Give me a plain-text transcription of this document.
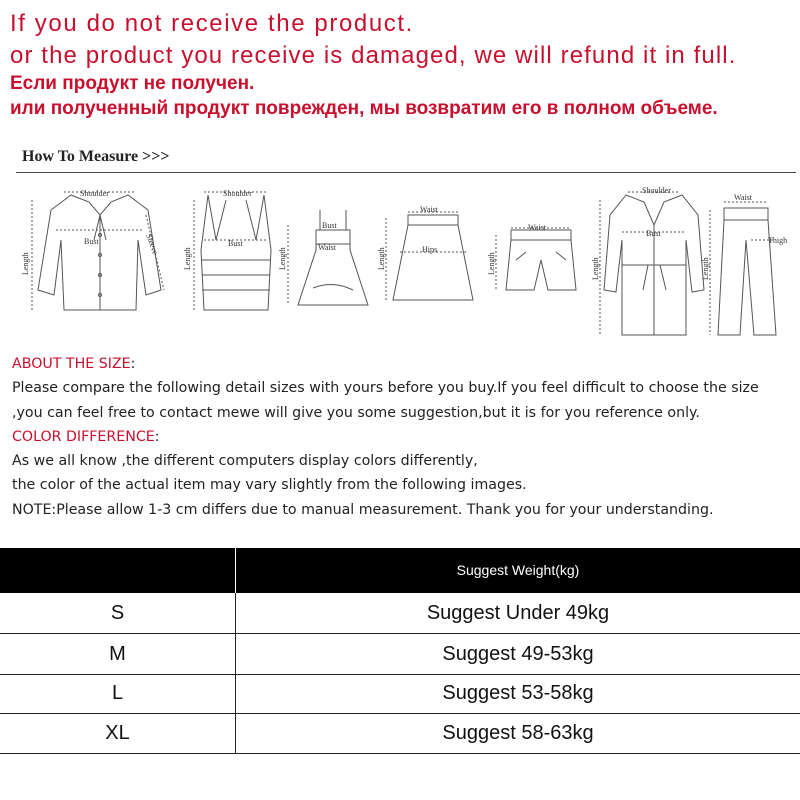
If you do not receive the product.
or the product you receive is damaged, we will refund it in full.
Если продукт не получен.
или полученный продукт поврежден, мы возвратим его в полном объеме.
How To Measure >>>
Shoulder
Bust
Length
Sleeve
Shoulder
Bust
Length
Bust
Waist
Length
Waist
Hips
Length
Waist
Length
Shoulder
Bust
Length
Waist
Thigh
Length
ABOUT THE SIZE:
Please compare the following detail sizes with yours before you buy.If you feel difficult to choose the size
,you can feel free to contact mewe will give you some suggestion,but it is for you reference only.
COLOR DIFFERENCE:
As we all know ,the different computers display colors differently,
the color of the actual item may vary slightly from the following images.
NOTE:Please allow 1-3 cm differs due to manual measurement. Thank you for your understanding.
Suggest Weight(kg)
S	Suggest Under 49kg
M	Suggest 49-53kg
L	Suggest 53-58kg
XL	Suggest 58-63kg
